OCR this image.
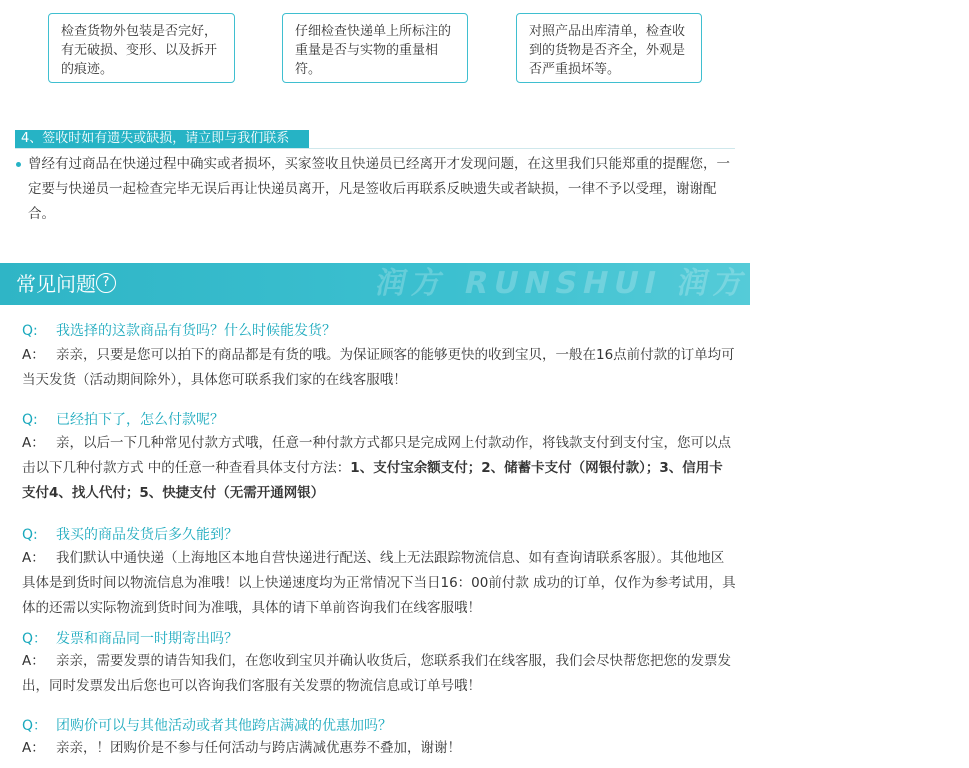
检查货物外包装是否完好，有无破损、变形、以及拆开的痕迹。
仔细检查快递单上所标注的重量是否与实物的重量相符。
对照产品出库清单，检查收到的货物是否齐全，外观是否严重损坏等。
4、签收时如有遗失或缺损，请立即与我们联系
曾经有过商品在快递过程中确实或者损坏，买家签收且快递员已经离开才发现问题，在这里我们只能郑重的提醒您，一定要与快递员一起检查完毕无误后再让快递员离开，凡是签收后再联系反映遗失或者缺损，一律不予以受理，谢谢配合。
润方 RUNSHUI 润方 RUNSHUI
常见问题 ?
Q: 我选择的这款商品有货吗？什么时候能发货？
A： 亲亲，只要是您可以拍下的商品都是有货的哦。为保证顾客的能够更快的收到宝贝，一般在16点前付款的订单均可当天发货（活动期间除外），具体您可联系我们家的在线客服哦！
Q: 已经拍下了，怎么付款呢？
A： 亲，以后一下几种常见付款方式哦，任意一种付款方式都只是完成网上付款动作，将钱款支付到支付宝，您可以点击以下几种付款方式 中的任意一种查看具体支付方法：1、支付宝余额支付；2、储蓄卡支付（网银付款）；3、信用卡支付4、找人代付；5、快捷支付（无需开通网银）
Q: 我买的商品发货后多久能到？
A： 我们默认中通快递（上海地区本地自营快递进行配送、线上无法跟踪物流信息、如有查询请联系客服）。其他地区具体是到货时间以物流信息为准哦！以上快递速度均为正常情况下当日16：00前付款 成功的订单，仅作为参考试用，具体的还需以实际物流到货时间为准哦，具体的请下单前咨询我们在线客服哦！
Q： 发票和商品同一时期寄出吗？
A： 亲亲，需要发票的请告知我们，在您收到宝贝并确认收货后，您联系我们在线客服，我们会尽快帮您把您的发票发出，同时发票发出后您也可以咨询我们客服有关发票的物流信息或订单号哦！
Q： 团购价可以与其他活动或者其他跨店满减的优惠加吗？
A： 亲亲，！团购价是不参与任何活动与跨店满减优惠券不叠加，谢谢！
